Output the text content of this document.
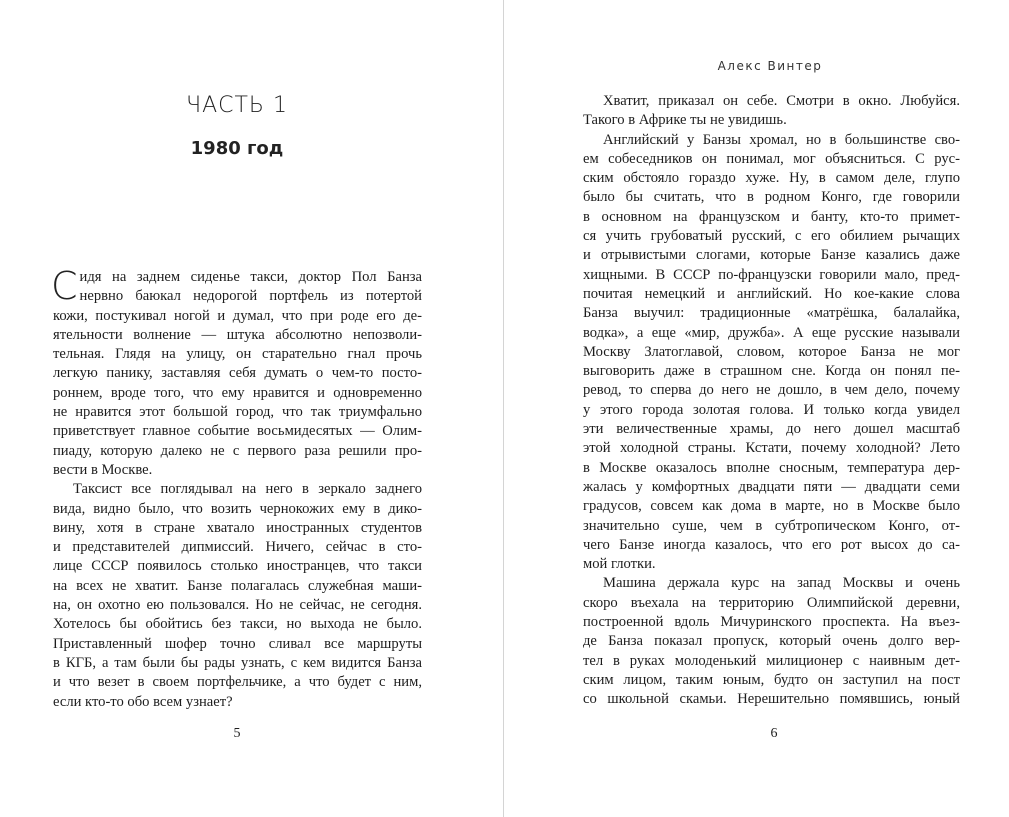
ЧАСТЬ 1
1980 год
С идя на заднем сиденье такси, доктор Пол Банза
нервно баюкал недорогой портфель из потертой
кожи, постукивал ногой и думал, что при роде его де-
ятельности волнение — штука абсолютно непозволи-
тельная. Глядя на улицу, он старательно гнал прочь
легкую панику, заставляя себя думать о чем-то посто-
роннем, вроде того, что ему нравится и одновременно
не нравится этот большой город, что так триумфально
приветствует главное событие восьмидесятых — Олим-
пиаду, которую далеко не с первого раза решили про-
вести в Москве.
Таксист все поглядывал на него в зеркало заднего
вида, видно было, что возить чернокожих ему в дико-
вину, хотя в стране хватало иностранных студентов
и представителей дипмиссий. Ничего, сейчас в сто-
лице СССР появилось столько иностранцев, что такси
на всех не хватит. Банзе полагалась служебная маши-
на, он охотно ею пользовался. Но не сейчас, не сегодня.
Хотелось бы обойтись без такси, но выхода не было.
Приставленный шофер точно сливал все маршруты
в КГБ, а там были бы рады узнать, с кем видится Банза
и что везет в своем портфельчике, а что будет с ним,
если кто-то обо всем узнает?
5
Алекс Винтер
Хватит, приказал он себе. Смотри в окно. Любуйся.
Такого в Африке ты не увидишь.
Английский у Банзы хромал, но в большинстве сво-
ем собеседников он понимал, мог объясниться. С рус-
ским обстояло гораздо хуже. Ну, в самом деле, глупо
было бы считать, что в родном Конго, где говорили
в основном на французском и банту, кто-то примет-
ся учить грубоватый русский, с его обилием рычащих
и отрывистыми слогами, которые Банзе казались даже
хищными. В СССР по-французски говорили мало, пред-
почитая немецкий и английский. Но кое-какие слова
Банза выучил: традиционные «матрёшка, балалайка,
водка», а еще «мир, дружба». А еще русские называли
Москву Златоглавой, словом, которое Банза не мог
выговорить даже в страшном сне. Когда он понял пе-
ревод, то сперва до него не дошло, в чем дело, почему
у этого города золотая голова. И только когда увидел
эти величественные храмы, до него дошел масштаб
этой холодной страны. Кстати, почему холодной? Лето
в Москве оказалось вполне сносным, температура дер-
жалась у комфортных двадцати пяти — двадцати семи
градусов, совсем как дома в марте, но в Москве было
значительно суше, чем в субтропическом Конго, от-
чего Банзе иногда казалось, что его рот высох до са-
мой глотки.
Машина держала курс на запад Москвы и очень
скоро въехала на территорию Олимпийской деревни,
построенной вдоль Мичуринского проспекта. На въез-
де Банза показал пропуск, который очень долго вер-
тел в руках молоденький милиционер с наивным дет-
ским лицом, таким юным, будто он заступил на пост
со школьной скамьи. Нерешительно помявшись, юный
6
